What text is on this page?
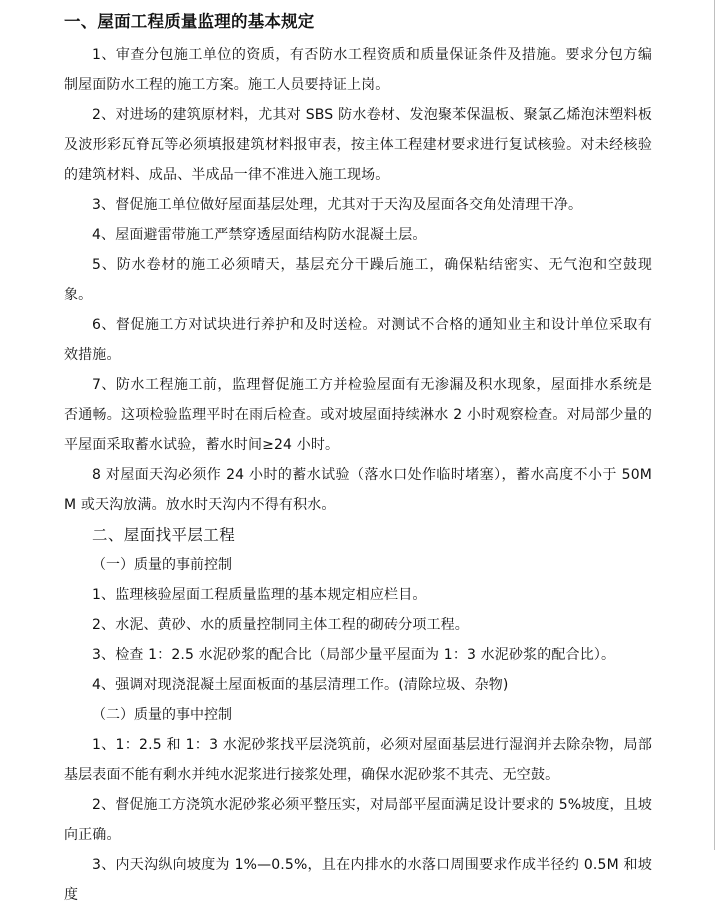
一、屋面工程质量监理的基本规定

1、审查分包施工单位的资质，有否防水工程资质和质量保证条件及措施。要求分包方编制屋面防水工程的施工方案。施工人员要持证上岗。

2、对进场的建筑原材料，尤其对 SBS 防水卷材、发泡聚苯保温板、聚氯乙烯泡沫塑料板及波形彩瓦脊瓦等必须填报建筑材料报审表，按主体工程建材要求进行复试核验。对未经核验的建筑材料、成品、半成品一律不准进入施工现场。

3、督促施工单位做好屋面基层处理，尤其对于天沟及屋面各交角处清理干净。

4、屋面避雷带施工严禁穿透屋面结构防水混凝土层。

5、防水卷材的施工必须晴天，基层充分干躁后施工，确保粘结密实、无气泡和空鼓现象。

6、督促施工方对试块进行养护和及时送检。对测试不合格的通知业主和设计单位采取有效措施。

7、防水工程施工前，监理督促施工方并检验屋面有无渗漏及积水现象，屋面排水系统是否通畅。这项检验监理平时在雨后检查。或对坡屋面持续淋水 2 小时观察检查。对局部少量的平屋面采取蓄水试验，蓄水时间≥24 小时。

8 对屋面天沟必须作 24 小时的蓄水试验（落水口处作临时堵塞），蓄水高度不小于 50MM 或天沟放满。放水时天沟内不得有积水。

二、屋面找平层工程
（一）质量的事前控制

1、监理核验屋面工程质量监理的基本规定相应栏目。

2、水泥、黄砂、水的质量控制同主体工程的砌砖分项工程。

3、检查 1：2.5 水泥砂浆的配合比（局部少量平屋面为 1：3 水泥砂浆的配合比）。

4、强调对现浇混凝土屋面板面的基层清理工作。(清除垃圾、杂物)

（二）质量的事中控制

1、1：2.5 和 1：3 水泥砂浆找平层浇筑前，必须对屋面基层进行湿润并去除杂物，局部基层表面不能有剩水并纯水泥浆进行接浆处理，确保水泥砂浆不其壳、无空鼓。

2、督促施工方浇筑水泥砂浆必须平整压实，对局部平屋面满足设计要求的 5%坡度，且坡向正确。

3、内天沟纵向坡度为 1%—0.5%，且在内排水的水落口周围要求作成半径约 0.5M 和坡度
